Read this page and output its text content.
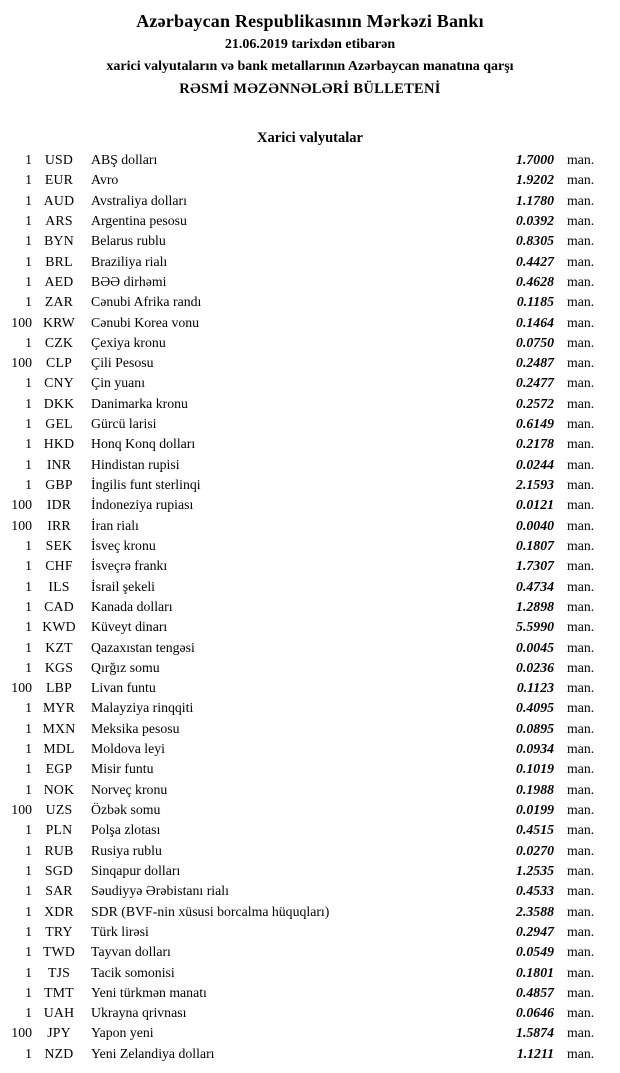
Azərbaycan Respublikasının Mərkəzi Bankı
21.06.2019 tarixdən etibarən
xarici valyutaların və bank metallarının Azərbaycan manatına qarşı
RƏSMİ MƏZƏNNƏLƏRİ BÜLLETENİ
Xarici valyutalar
1 USD	ABŞ dolları	1.7000 man.
1 EUR	Avro	1.9202 man.
1 AUD	Avstraliya dolları	1.1780 man.
1 ARS	Argentina pesosu	0.0392 man.
1 BYN	Belarus rublu	0.8305 man.
1 BRL	Braziliya rialı	0.4427 man.
1 AED	BƏƏ dirhəmi	0.4628 man.
1 ZAR	Cənubi Afrika randı	0.1185 man.
100 KRW	Cənubi Korea vonu	0.1464 man.
1 CZK	Çexiya kronu	0.0750 man.
100	CLP	Çili Pesosu	0.2487 man.
1 CNY	Çin yuanı	0.2477 man.
1 DKK	Danimarka kronu	0.2572 man.
1 GEL	Gürcü larisi	0.6149 man.
1 HKD	Honq Konq dolları	0.2178 man.
1	INR	Hindistan rupisi	0.0244 man.
1 GBP	İngilis funt sterlinqi	2.1593 man.
100	IDR	İndoneziya rupiası	0.0121 man.
100	IRR	İran rialı	0.0040 man.
1 SEK	İsveç kronu	0.1807 man.
1 CHF	İsveçrə frankı	1.7307 man.
1	ILS	İsrail şekeli	0.4734 man.
1 CAD	Kanada dolları	1.2898 man.
1 KWD	Küveyt dinarı	5.5990 man.
1 KZT	Qazaxıstan tengəsi	0.0045 man.
1 KGS	Qırğız somu	0.0236 man.
100	LBP	Livan funtu	0.1123 man.
1 MYR	Malayziya rinqqiti	0.4095 man.
1 MXN	Meksika pesosu	0.0895 man.
1 MDL	Moldova leyi	0.0934 man.
1 EGP	Misir funtu	0.1019 man.
1 NOK	Norveç kronu	0.1988 man.
100 UZS	Özbək somu	0.0199 man.
1 PLN	Polşa zlotası	0.4515 man.
1 RUB	Rusiya rublu	0.0270 man.
1 SGD	Sinqapur dolları	1.2535 man.
1 SAR	Səudiyyə Ərəbistanı rialı	0.4533 man.
1 XDR	SDR (BVF-nin xüsusi borcalma hüquqları)	2.3588 man.
1 TRY	Türk lirəsi	0.2947 man.
1 TWD	Tayvan dolları	0.0549 man.
1	TJS	Tacik somonisi	0.1801 man.
1 TMT	Yeni türkmən manatı	0.4857 man.
1 UAH	Ukrayna qrivnası	0.0646 man.
100	JPY	Yapon yeni	1.5874 man.
1 NZD	Yeni Zelandiya dolları	1.1211 man.
